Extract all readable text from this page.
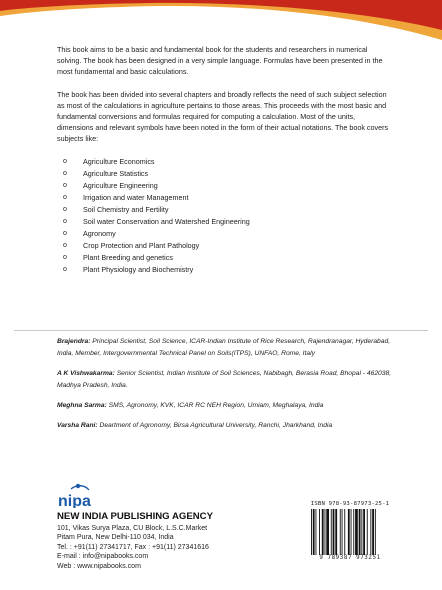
This book aims to be a basic and fundamental book for the students and researchers in numerical solving. The book has been designed in a very simple language. Formulas have been presented in the most fundamental and basic calculations.

The book has been divided into several chapters and broadly reflects the need of such subject selection as most of the calculations in agriculture pertains to those areas. This proceeds with the most basic and fundamental conversions and formulas required for computing a calculation. Most of the units, dimensions and relevant symbols have been noted in the form of their actual notations. The book covers subjects like:

o	Agriculture Economics
o	Agriculture Statistics
o	Agriculture Engineering
o	Irrigation and water Management
o	Soil Chemistry and Fertility
o	Soil water Conservation and Watershed Engineering
o	Agronomy
o	Crop Protection and Plant Pathology
o	Plant Breeding and genetics
o	Plant Physiology and Biochemistry
Brajendra: Principal Scientist, Soil Science, ICAR-Indian Institute of Rice Research, Rajendranagar, Hyderabad, India, Member, Intergovernmental Technical Panel on Soils(ITPS), UNFAO, Rome, Italy
A K Vishwakarma: Senior Scientist, Indian Institute of Soil Sciences, Nabibagh, Berasia Road, Bhopal - 462038, Madhya Pradesh, India.
Meghna Sarma: SMS, Agronomy, KVK, ICAR RC NEH Region, Umiam, Meghalaya, India
Varsha Rani: Deartment of Agronomy, Birsa Agricultural University, Ranchi, Jharkhand, India
nipa
NEW INDIA PUBLISHING AGENCY
101, Vikas Surya Plaza, CU Block, L.S.C.Market
Pitam Pura, New Delhi-110 034, India
Tel. : +91(11) 27341717, Fax : +91(11) 27341616
E-mail : info@nipabooks.com
Web : www.nipabooks.com
ISBN 978-93-87973-25-1
9 789387 973251
